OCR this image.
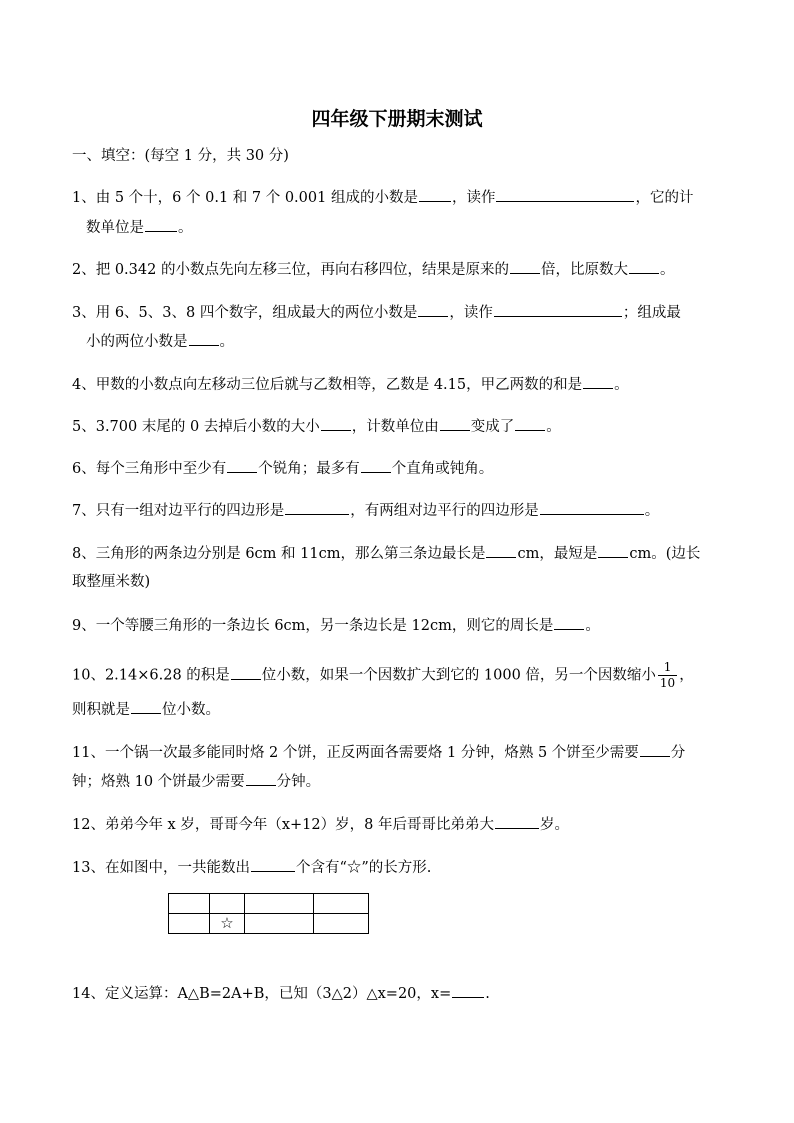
四年级下册期末测试
一、填空：(每空 1 分，共 30 分)
1、由 5 个十，6 个 0.1 和 7 个 0.001 组成的小数是 ，读作	，它的计
数单位是 。
2、把 0.342 的小数点先向左移三位，再向右移四位，结果是原来的 倍，比原数大 。
3、用 6、5、3、8 四个数字，组成最大的两位小数是 ，读作	；组成最
小的两位小数是 。
4、甲数的小数点向左移动三位后就与乙数相等，乙数是 4.15，甲乙两数的和是 。
5、3.700 末尾的 0 去掉后小数的大小 ，计数单位由 变成了 。
6、每个三角形中至少有 个锐角；最多有 个直角或钝角。
7、只有一组对边平行的四边形是	，有两组对边平行的四边形是	。
8、三角形的两条边分别是 6cm 和 11cm，那么第三条边最长是 cm，最短是 cm。(边长
取整厘米数)
9、一个等腰三角形的一条边长 6cm，另一条边长是 12cm，则它的周长是 。
10、2.14×6.28 的积是 位小数，如果一个因数扩大到它的 1000 倍，另一个因数缩小 $\frac{1}{10}$ ，
则积就是 位小数。
11、一个锅一次最多能同时烙 2 个饼，正反两面各需要烙 1 分钟，烙熟 5 个饼至少需要 分
钟；烙熟 10 个饼最少需要 分钟。
12、弟弟今年 x 岁，哥哥今年（x+12）岁，8 年后哥哥比弟弟大	岁。
13、在如图中，一共能数出	个含有“☆”的长方形.

	☆		
14、定义运算：A△B=2A+B，已知（3△2）△x=20，x= .
